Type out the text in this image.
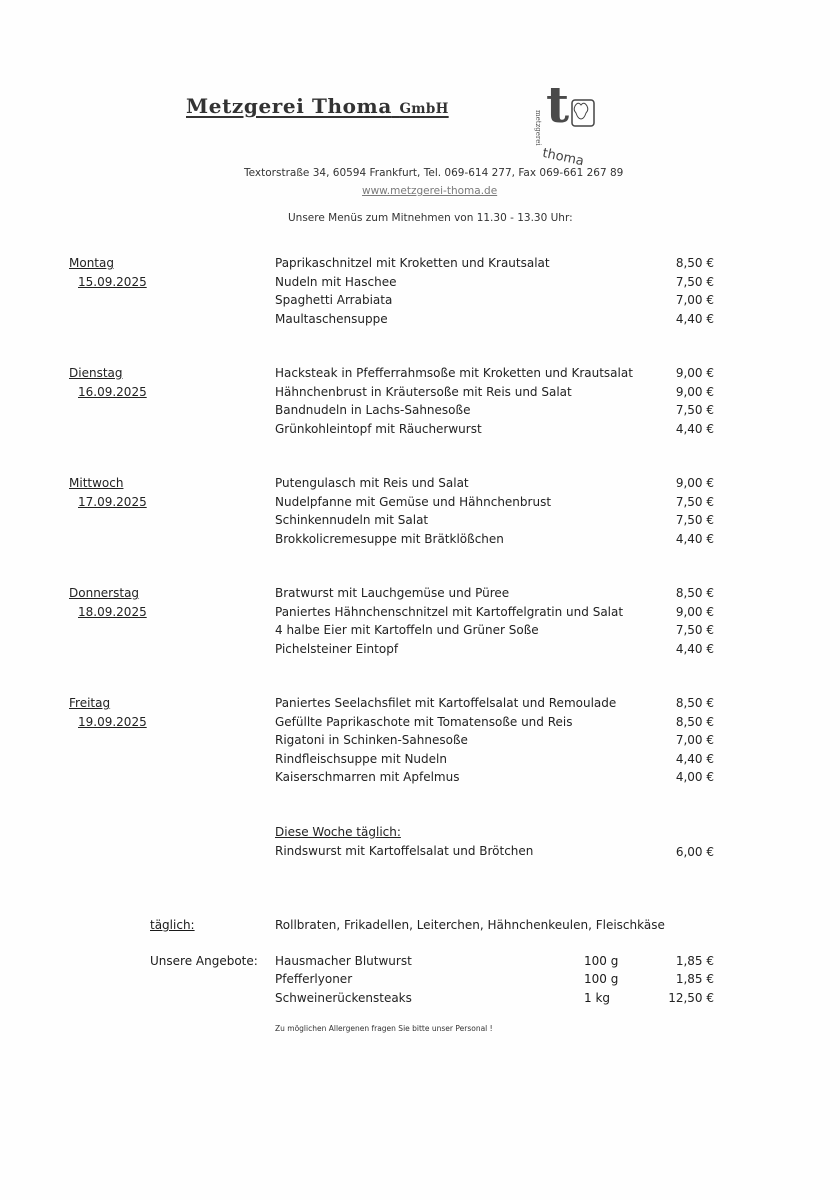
Metzgerei Thoma GmbH t
metzgerei
thoma
Textorstraße 34, 60594 Frankfurt, Tel. 069-614 277, Fax 069-661 267 89
www.metzgerei-thoma.de
Unsere Menüs zum Mitnehmen von 11.30 - 13.30 Uhr:
Montag
15.09.2025
Paprikaschnitzel mit Kroketten und Krautsalat	8,50 €
Nudeln mit Haschee	7,50 €
Spaghetti Arrabiata	7,00 €
Maultaschensuppe	4,40 €
Dienstag
16.09.2025
Hacksteak in Pfefferrahmsoße mit Kroketten und Krautsalat	9,00 €
Hähnchenbrust in Kräutersoße mit Reis und Salat	9,00 €
Bandnudeln in Lachs-Sahnesoße	7,50 €
Grünkohleintopf mit Räucherwurst	4,40 €
Mittwoch
17.09.2025
Putengulasch mit Reis und Salat	9,00 €
Nudelpfanne mit Gemüse und Hähnchenbrust	7,50 €
Schinkennudeln mit Salat	7,50 €
Brokkolicremesuppe mit Brätklößchen	4,40 €
Donnerstag
18.09.2025
Bratwurst mit Lauchgemüse und Püree	8,50 €
Paniertes Hähnchenschnitzel mit Kartoffelgratin und Salat	9,00 €
4 halbe Eier mit Kartoffeln und Grüner Soße	7,50 €
Pichelsteiner Eintopf	4,40 €
Freitag
19.09.2025
Paniertes Seelachsfilet mit Kartoffelsalat und Remoulade	8,50 €
Gefüllte Paprikaschote mit Tomatensoße und Reis	8,50 €
Rigatoni in Schinken-Sahnesoße	7,00 €
Rindfleischsuppe mit Nudeln	4,40 €
Kaiserschmarren mit Apfelmus	4,00 €
Diese Woche täglich:
Rindswurst mit Kartoffelsalat und Brötchen	6,00 €
täglich:	Rollbraten, Frikadellen, Leiterchen, Hähnchenkeulen, Fleischkäse
Unsere Angebote: Hausmacher Blutwurst	100 g	1,85 €
Pfefferlyoner	100 g	1,85 €
Schweinerückensteaks	1 kg	12,50 €
Zu möglichen Allergenen fragen Sie bitte unser Personal !
